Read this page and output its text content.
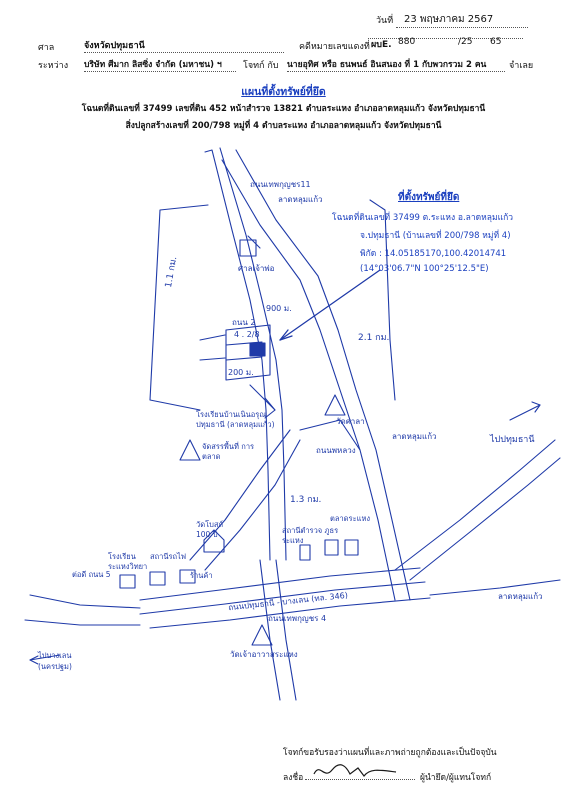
วันที่	23 พฤษภาคม 2567
ศาล	จังหวัดปทุมธานี	คดีหมายเลขแดงที่ ผบE. 880	/25 65
ระหว่าง บริษัท ศีมาก ลิสซิ่ง จำกัด (มหาชน) ฯ	โจทก์ กับ นายอุทิศ หรือ ธนพนธ์ อินสนอง ที่ 1 กับพวกรวม 2 คน	จำเลย
แผนที่ตั้งทรัพย์ที่ยึด
โฉนดที่ดินเลขที่ 37499 เลขที่ดิน 452 หน้าสำรวจ 13821 ตำบลระแหง อำเภอลาดหลุมแก้ว จังหวัดปทุมธานี
สิ่งปลูกสร้างเลขที่ 200/798 หมู่ที่ 4 ตำบลระแหง อำเภอลาดหลุมแก้ว จังหวัดปทุมธานี
ที่ตั้งทรัพย์ที่ยึด
โฉนดที่ดินเลขที่ 37499 ต.ระแหง อ.ลาดหลุมแก้ว
จ.ปทุมธานี (บ้านเลขที่ 200/798 หมู่ที่ 4)
พิกัด : 14.05185170,100.42014741
(14°03'06.7"N 100°25'12.5"E)
ถนนเทพกุญชร11
ลาดหลุมแก้ว
1.1 กม.
2.1 กม.
1.3 กม.
900 ม.
200 ม.
ถนน 2
4 . 2/8
ศาลเจ้าพ่อ
โรงเรียนบ้านเนินอรุณ ปทุมธานี (ลาดหลุมแก้ว)
จัดสรรพื้นที่ การตลาด
วัดศาลา
ถนนพหลวง
ลาดหลุมแก้ว	ไปปทุมธานี
วัดโบสถ์ 100 ปี
ตลาดระแหง
สถานีตำรวจ ภูธรระแหง
โรงเรียน ระแหงวิทยา
สถานีรถไฟ
ร้านค้า
ถนนปทุมธานี - บางเลน (ทล. 346)
ถนนเทพกุญชร 4
วัดเจ้าอาวาสระแหง
ไปบางเลน (นครปฐม)
ลาดหลุมแก้ว
ต่อดี ถนน 5
โจทก์ขอรับรองว่าแผนที่และภาพถ่ายถูกต้องและเป็นปัจจุบัน
ลงชื่อ	ผู้นำยึด/ผู้แทนโจทก์
